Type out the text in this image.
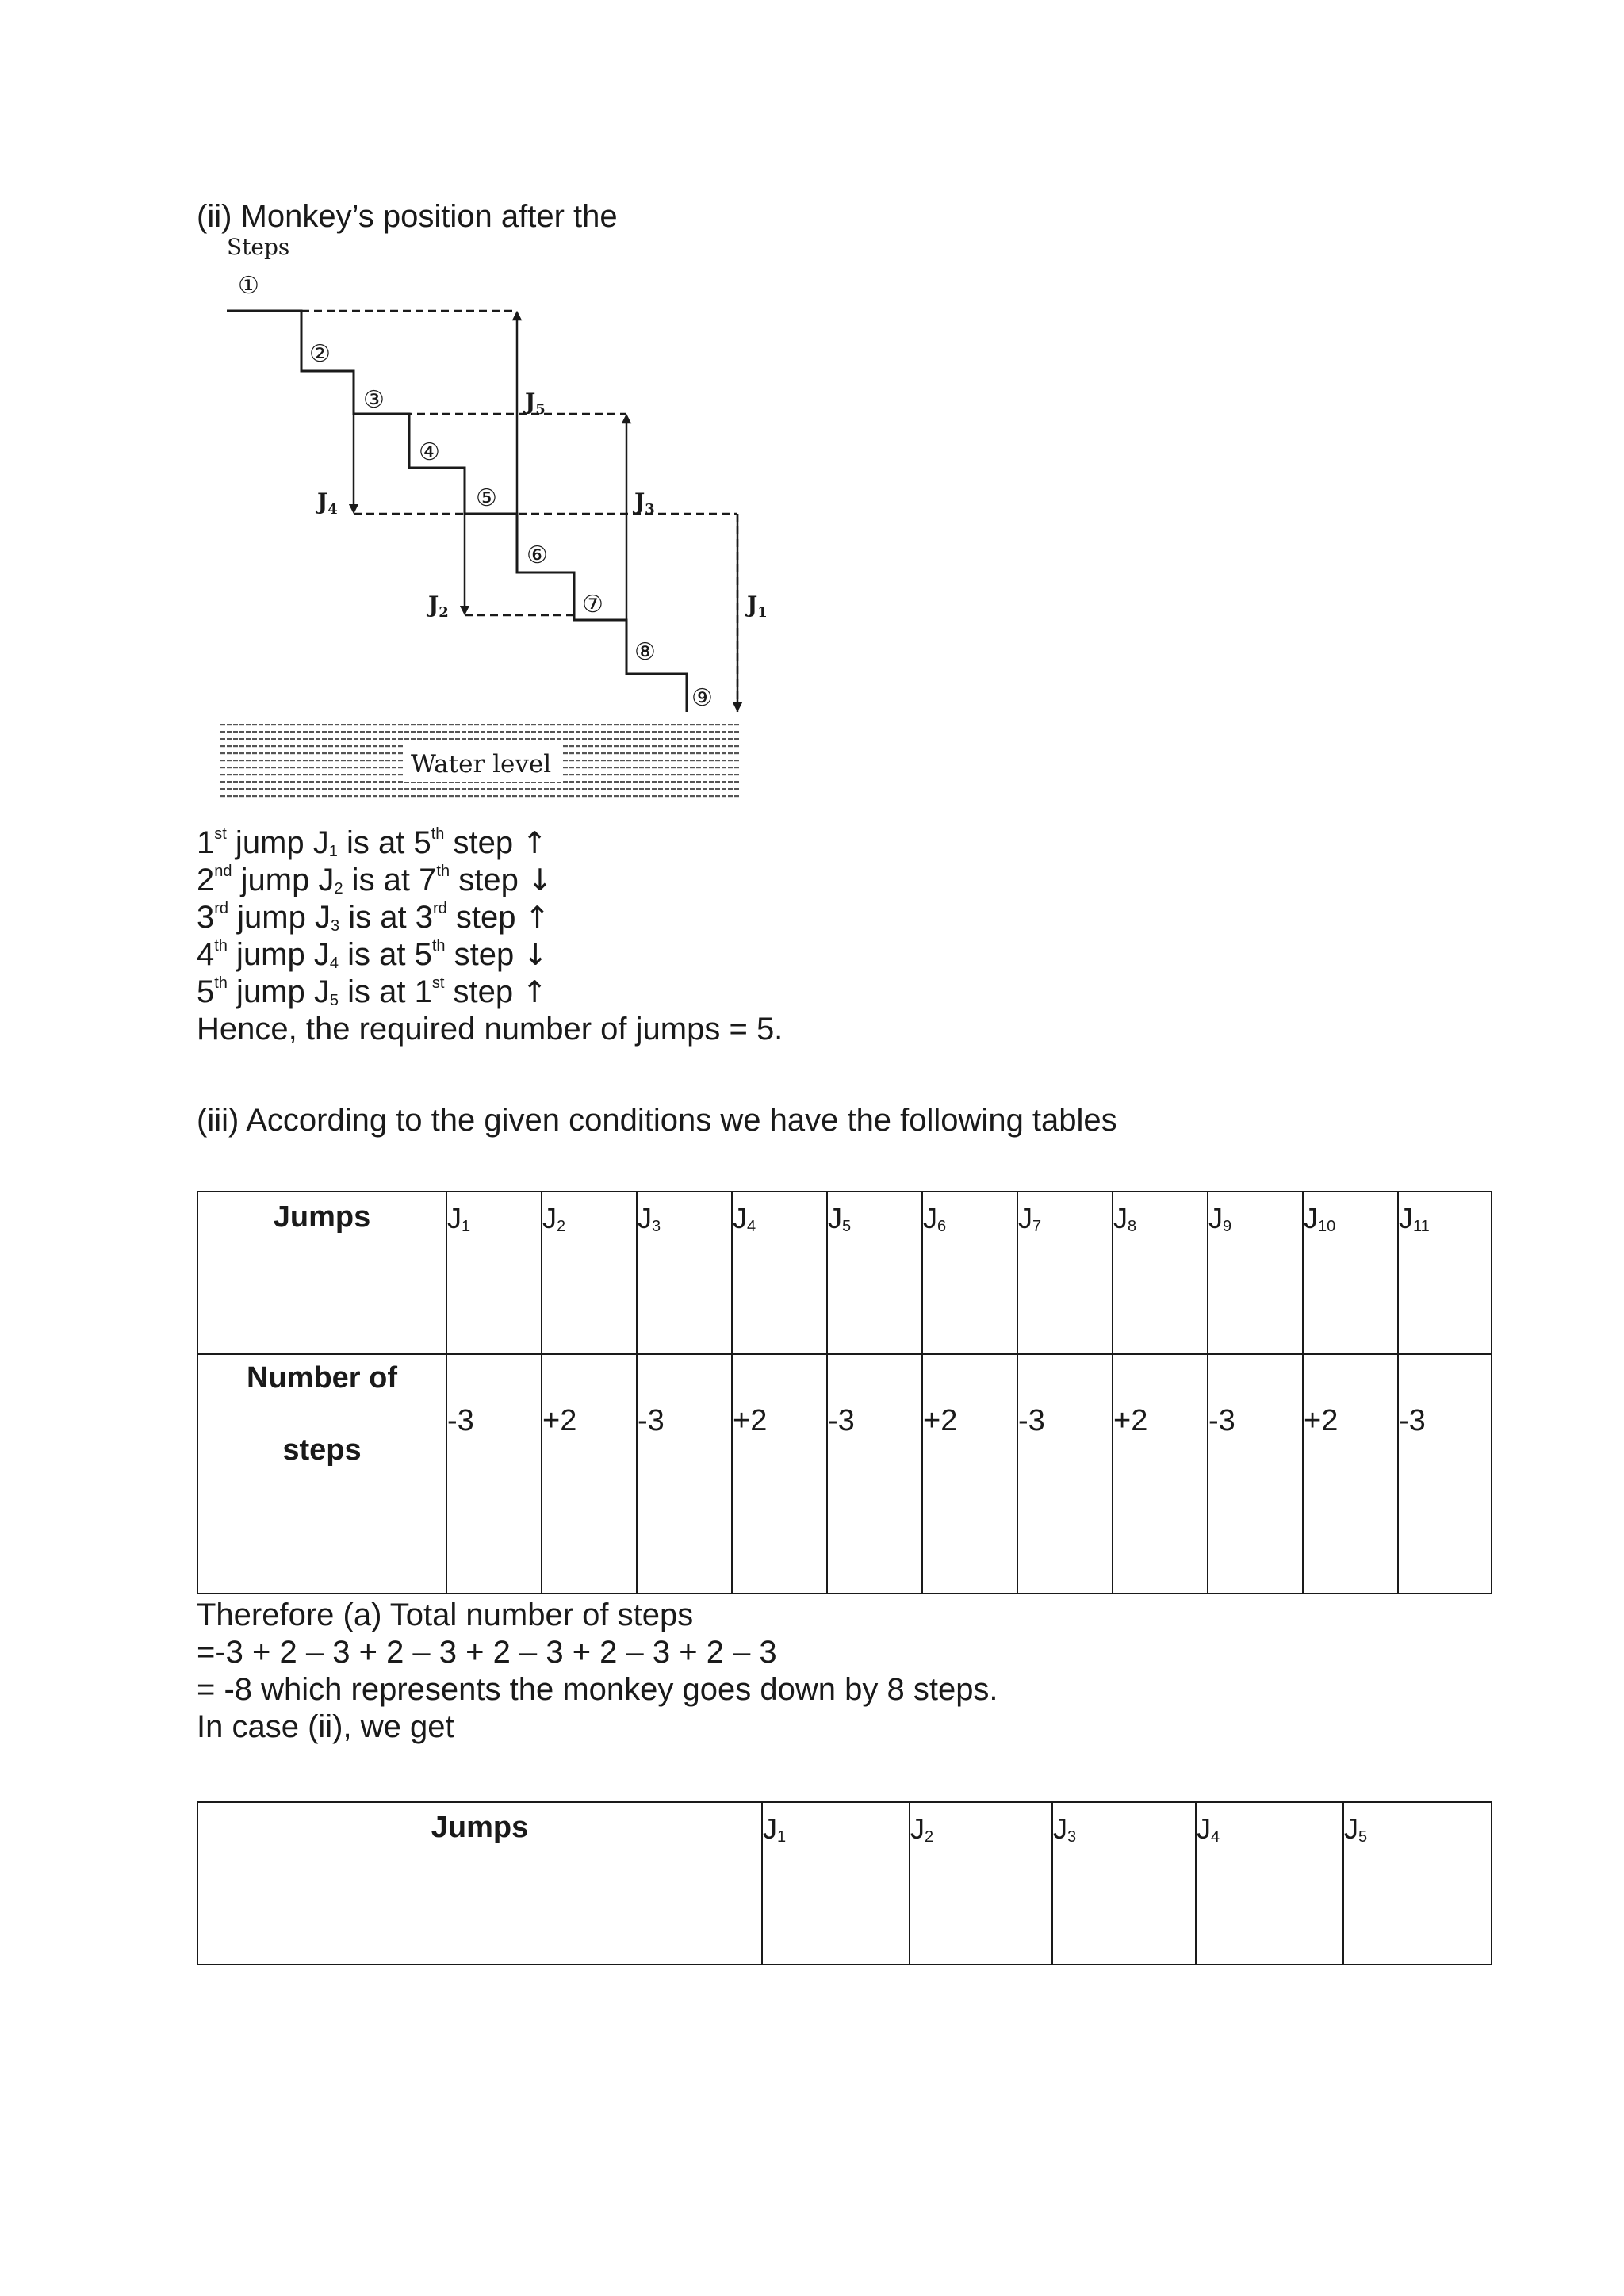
(ii) Monkey’s position after the
Steps
①
②
③
④
⑤
⑥
⑦
⑧
⑨
$J_5$
$J_3$
$J_4$
$J_2$	$J_1$
Water level
1st jump $J_1$ is at 5th step ↑
2nd jump $J_2$ is at 7th step ↓
3rd jump $J_3$ is at 3rd step ↑
4th jump $J_4$ is at 5th step ↓
5th jump $J_5$ is at 1st step ↑
Hence, the required number of jumps = 5.
(iii) According to the given conditions we have the following tables
Jumps	$J_1$	$J_2$	$J_3$	$J_4$	$J_5$	$J_6$	$J_7$	$J_8$	$J_9$	$J_{10}$	$J_{11}$

Number of
steps	-3	+2	-3	+2	-3	+2	-3	+2	-3	+2	-3
Therefore (a) Total number of steps
=-3 + 2 – 3 + 2 – 3 + 2 – 3 + 2 – 3 + 2 – 3
= -8 which represents the monkey goes down by 8 steps.
In case (ii), we get
Jumps	$J_1$	$J_2$	$J_3$	$J_4$	$J_5$
